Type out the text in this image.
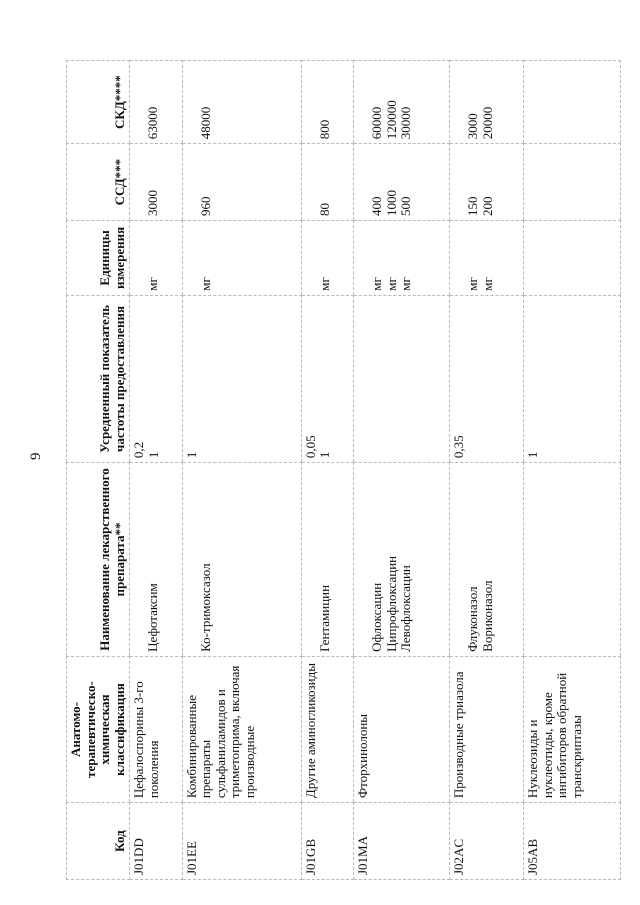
9
Код	Анатомо-терапевтическо-химическая классификация	Наименование лекарственного препарата**	Усредненный показатель частоты предоставления	Единицы измерения	ССД***	СКД****

J01DD	Цефалоспорины 3-го поколения	Цефотаксим	0,2 1	мг	3000	63000

J01EE	Комбинированные препараты сульфаниламидов и триметоприма, включая производные	Ко-тримоксазол	1	мг	960	48000

J01GB	Другие аминогликозиды	Гентамицин	0,05 1	мг	80	800

J01MA	Фторхинолоны	Офлоксацин Ципрофлоксацин Левофлоксацин		мг мг мг	400 1000 500	60000 120000 30000

J02AC	Производные триазола	Флуконазол Вориконазол	0,35	мг мг	150 200	3000 20000

J05AB	Нуклеозиды и нуклеотиды, кроме ингибиторов обратной транскриптазы		1			
